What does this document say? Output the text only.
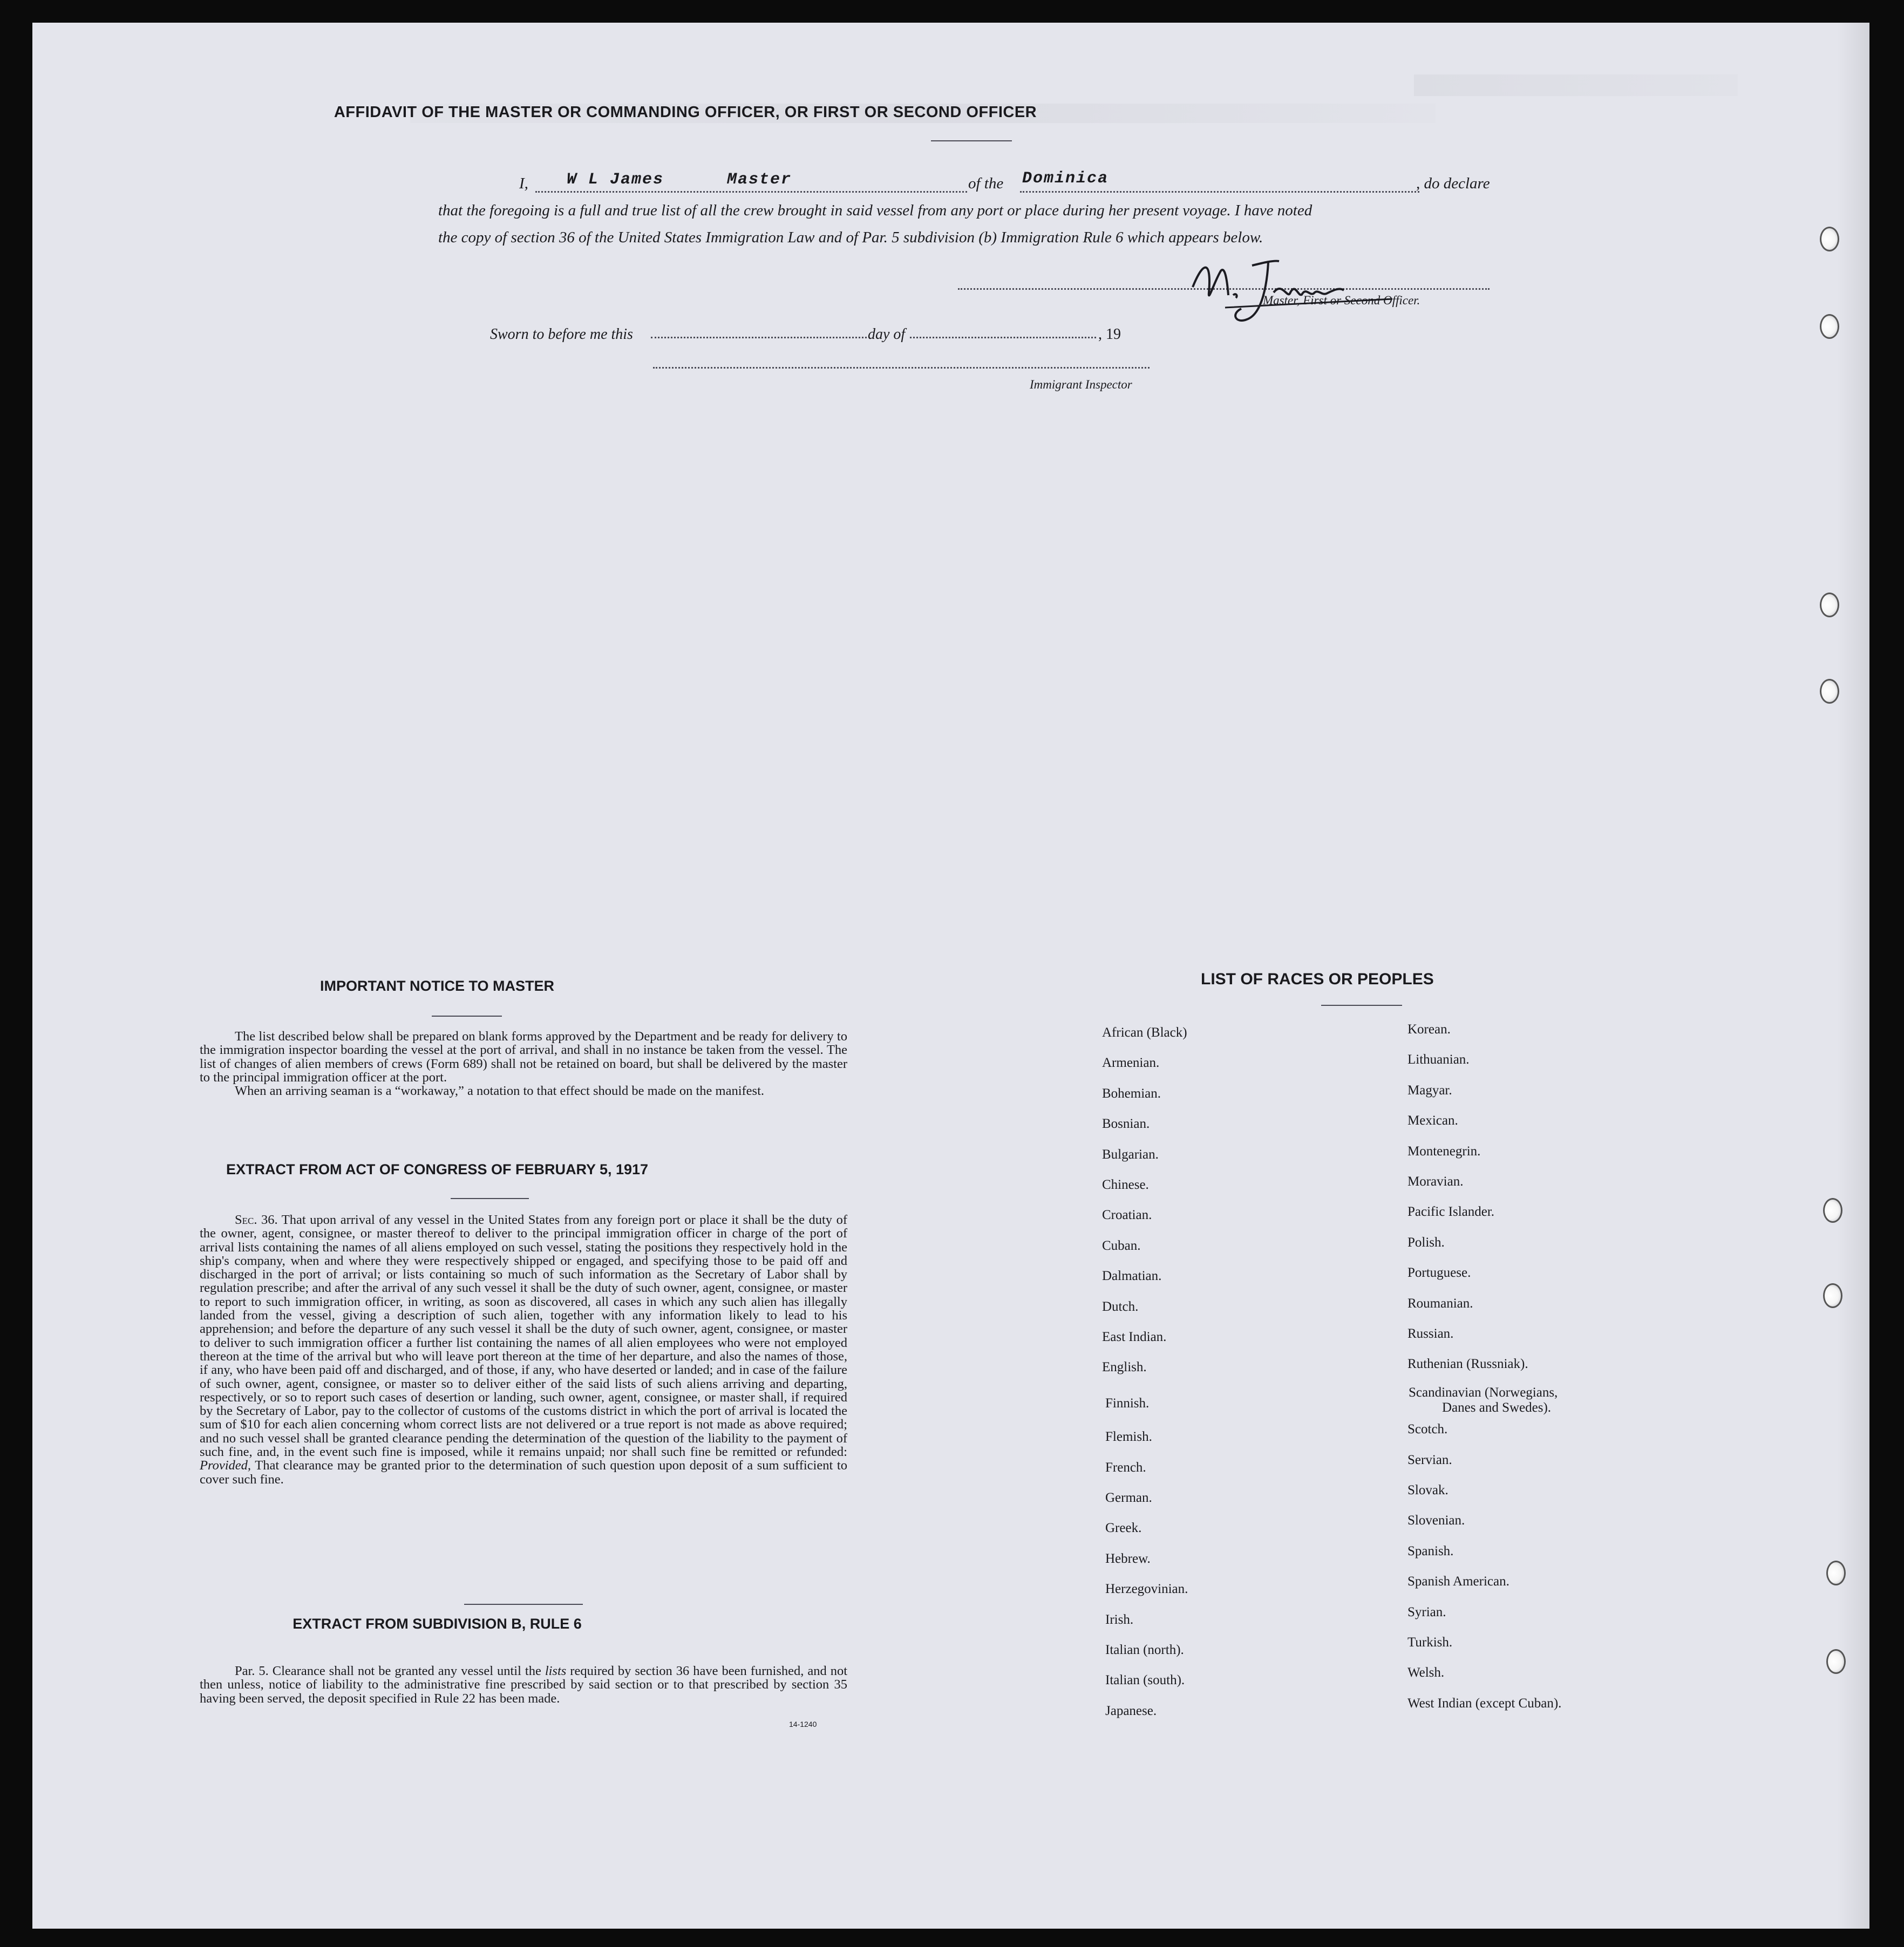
AFFIDAVIT OF THE MASTER OR COMMANDING OFFICER, OR FIRST OR SECOND OFFICER
I, W L James	Master	of the Dominica	, do declare
that the foregoing is a full and true list of all the crew brought in said vessel from any port or place during her present voyage. I have noted
the copy of section 36 of the United States Immigration Law and of Par. 5 subdivision (b) Immigration Rule 6 which appears below.
Master, First or Second Officer.
Sworn to before me this	day of	, 19
Immigrant Inspector
IMPORTANT NOTICE TO MASTER

The list described below shall be prepared on blank forms approved by the Department and be ready for delivery to the immigration inspector boarding the vessel at the port of arrival, and shall in no instance be taken from the vessel. The list of changes of alien members of crews (Form 689) shall not be retained on board, but shall be delivered by the master to the principal immigration officer at the port.

When an arriving seaman is a “workaway,” a notation to that effect should be made on the manifest.

EXTRACT FROM ACT OF CONGRESS OF FEBRUARY 5, 1917

Sec. 36. That upon arrival of any vessel in the United States from any foreign port or place it shall be the duty of the owner, agent, consignee, or master thereof to deliver to the principal immigration officer in charge of the port of arrival lists containing the names of all aliens employed on such vessel, stating the positions they respectively hold in the ship's company, when and where they were respectively shipped or engaged, and specifying those to be paid off and discharged in the port of arrival; or lists containing so much of such information as the Secretary of Labor shall by regulation prescribe; and after the arrival of any such vessel it shall be the duty of such owner, agent, consignee, or master to report to such immigration officer, in writing, as soon as discovered, all cases in which any such alien has illegally landed from the vessel, giving a description of such alien, together with any information likely to lead to his apprehension; and before the departure of any such vessel it shall be the duty of such owner, agent, consignee, or master to deliver to such immigration officer a further list containing the names of all alien employees who were not employed thereon at the time of the arrival but who will leave port thereon at the time of her departure, and also the names of those, if any, who have been paid off and discharged, and of those, if any, who have deserted or landed; and in case of the failure of such owner, agent, consignee, or master so to deliver either of the said lists of such aliens arriving and departing, respectively, or so to report such cases of desertion or landing, such owner, agent, consignee, or master shall, if required by the Secretary of Labor, pay to the collector of customs of the customs district in which the port of arrival is located the sum of $10 for each alien concerning whom correct lists are not delivered or a true report is not made as above required; and no such vessel shall be granted clearance pending the determination of the question of the liability to the payment of such fine, and, in the event such fine is imposed, while it remains unpaid; nor shall such fine be remitted or refunded: Provided, That clearance may be granted prior to the determination of such question upon deposit of a sum sufficient to cover such fine.

EXTRACT FROM SUBDIVISION B, RULE 6

Par. 5. Clearance shall not be granted any vessel until the lists required by section 36 have been furnished, and not then unless, notice of liability to the administrative fine prescribed by said section or to that prescribed by section 35 having been served, the deposit specified in Rule 22 has been made.

14-1240
LIST OF RACES OR PEOPLES
African (Black)
Armenian.
Bohemian.
Bosnian.
Bulgarian.
Chinese.
Croatian.
Cuban.
Dalmatian.
Dutch.
East Indian.
English.
Finnish.
Flemish.
French.
German.
Greek.
Hebrew.
Herzegovinian.
Irish.
Italian (north).
Italian (south).
Japanese.
Korean.
Lithuanian.
Magyar.
Mexican.
Montenegrin.
Moravian.
Pacific Islander.
Polish.
Portuguese.
Roumanian.
Russian.
Ruthenian (Russniak).
Scandinavian (Norwegians,
Danes and Swedes).
Scotch.
Servian.
Slovak.
Slovenian.
Spanish.
Spanish American.
Syrian.
Turkish.
Welsh.
West Indian (except Cuban).
